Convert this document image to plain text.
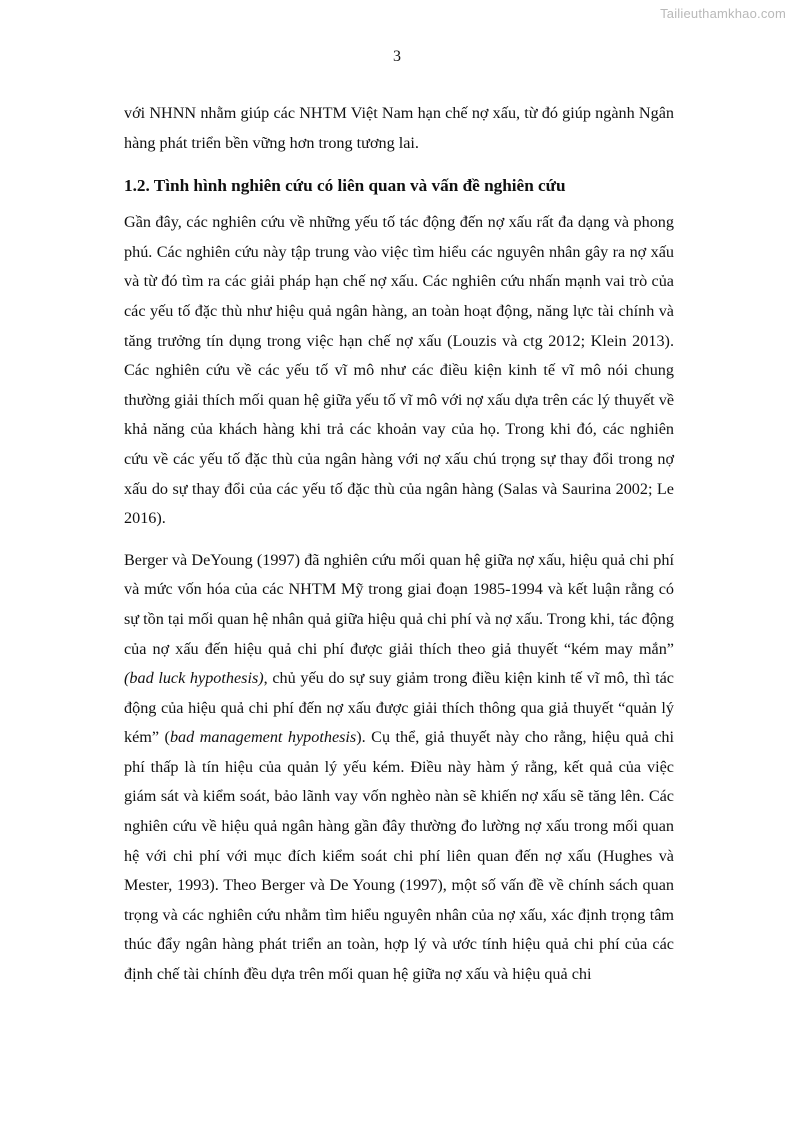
Tailieuthamkhao.com
3

với NHNN nhằm giúp các NHTM Việt Nam hạn chế nợ xấu, từ đó giúp ngành Ngân hàng phát triển bền vững hơn trong tương lai.

1.2. Tình hình nghiên cứu có liên quan và vấn đề nghiên cứu

Gần đây, các nghiên cứu về những yếu tố tác động đến nợ xấu rất đa dạng và phong phú. Các nghiên cứu này tập trung vào việc tìm hiểu các nguyên nhân gây ra nợ xấu và từ đó tìm ra các giải pháp hạn chế nợ xấu. Các nghiên cứu nhấn mạnh vai trò của các yếu tố đặc thù như hiệu quả ngân hàng, an toàn hoạt động, năng lực tài chính và tăng trưởng tín dụng trong việc hạn chế nợ xấu (Louzis và ctg 2012; Klein 2013). Các nghiên cứu về các yếu tố vĩ mô như các điều kiện kinh tế vĩ mô nói chung thường giải thích mối quan hệ giữa yếu tố vĩ mô với nợ xấu dựa trên các lý thuyết về khả năng của khách hàng khi trả các khoản vay của họ. Trong khi đó, các nghiên cứu về các yếu tố đặc thù của ngân hàng với nợ xấu chú trọng sự thay đổi trong nợ xấu do sự thay đổi của các yếu tố đặc thù của ngân hàng (Salas và Saurina 2002; Le 2016).

Berger và DeYoung (1997) đã nghiên cứu mối quan hệ giữa nợ xấu, hiệu quả chi phí và mức vốn hóa của các NHTM Mỹ trong giai đoạn 1985-1994 và kết luận rằng có sự tồn tại mối quan hệ nhân quả giữa hiệu quả chi phí và nợ xấu. Trong khi, tác động của nợ xấu đến hiệu quả chi phí được giải thích theo giả thuyết “kém may mắn” (bad luck hypothesis), chủ yếu do sự suy giảm trong điều kiện kinh tế vĩ mô, thì tác động của hiệu quả chi phí đến nợ xấu được giải thích thông qua giả thuyết “quản lý kém” (bad management hypothesis). Cụ thể, giả thuyết này cho rằng, hiệu quả chi phí thấp là tín hiệu của quản lý yếu kém. Điều này hàm ý rằng, kết quả của việc giám sát và kiểm soát, bảo lãnh vay vốn nghèo nàn sẽ khiến nợ xấu sẽ tăng lên. Các nghiên cứu về hiệu quả ngân hàng gần đây thường đo lường nợ xấu trong mối quan hệ với chi phí với mục đích kiểm soát chi phí liên quan đến nợ xấu (Hughes và Mester, 1993). Theo Berger và De Young (1997), một số vấn đề về chính sách quan trọng và các nghiên cứu nhằm tìm hiểu nguyên nhân của nợ xấu, xác định trọng tâm thúc đẩy ngân hàng phát triển an toàn, hợp lý và ước tính hiệu quả chi phí của các định chế tài chính đều dựa trên mối quan hệ giữa nợ xấu và hiệu quả chi
